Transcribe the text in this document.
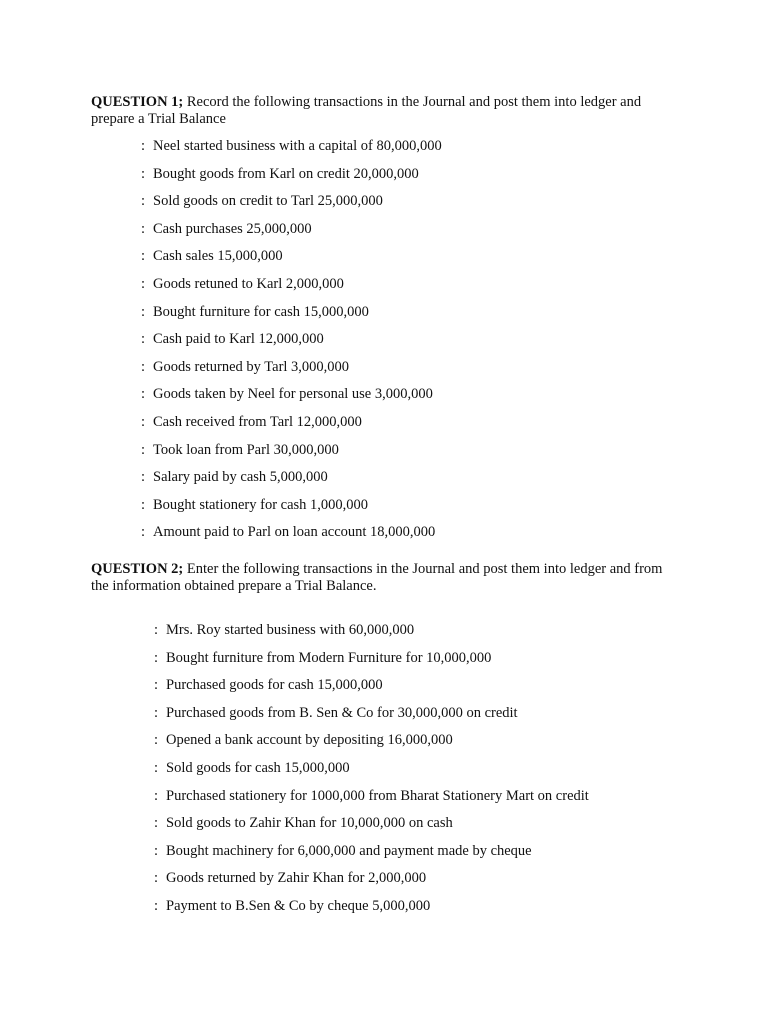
QUESTION 1; Record the following transactions in the Journal and post them into ledger and prepare a Trial Balance
: Neel started business with a capital of 80,000,000
: Bought goods from Karl on credit 20,000,000
: Sold goods on credit to Tarl 25,000,000
: Cash purchases 25,000,000
: Cash sales 15,000,000
: Goods retuned to Karl 2,000,000
: Bought furniture for cash 15,000,000
: Cash paid to Karl 12,000,000
: Goods returned by Tarl 3,000,000
: Goods taken by Neel for personal use 3,000,000
: Cash received from Tarl 12,000,000
: Took loan from Parl 30,000,000
: Salary paid by cash 5,000,000
: Bought stationery for cash 1,000,000
: Amount paid to Parl on loan account 18,000,000
QUESTION 2; Enter the following transactions in the Journal and post them into ledger and from the information obtained prepare a Trial Balance.
: Mrs. Roy started business with 60,000,000
: Bought furniture from Modern Furniture for 10,000,000
: Purchased goods for cash 15,000,000
: Purchased goods from B. Sen & Co for 30,000,000 on credit
: Opened a bank account by depositing 16,000,000
: Sold goods for cash 15,000,000
: Purchased stationery for 1000,000 from Bharat Stationery Mart on credit
: Sold goods to Zahir Khan for 10,000,000 on cash
: Bought machinery for 6,000,000 and payment made by cheque
: Goods returned by Zahir Khan for 2,000,000
: Payment to B.Sen & Co by cheque 5,000,000
